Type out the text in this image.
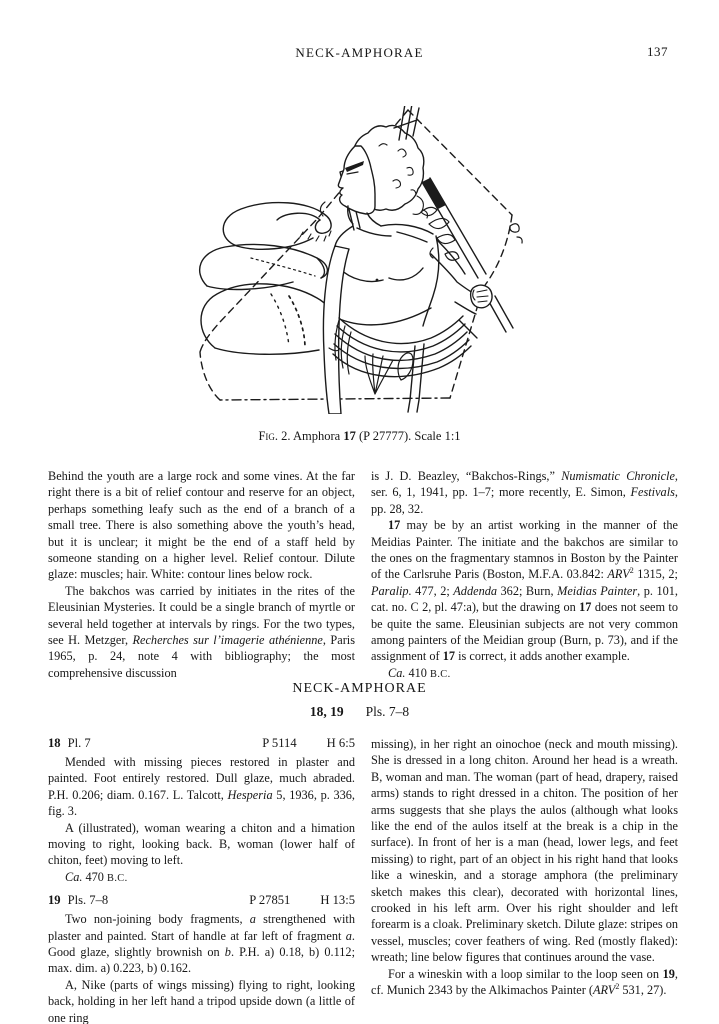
NECK-AMPHORAE	137
Fig. 2. Amphora 17 (P 27777). Scale 1:1

Behind the youth are a large rock and some vines. At the far right there is a bit of relief contour and reserve for an object, perhaps something leafy such as the end of a branch of a small tree. There is also something above the youth’s head, but it is unclear; it might be the end of a staff held by someone standing on a higher level. Relief contour. Dilute glaze: muscles; hair. White: contour lines below rock.

The bakchos was carried by initiates in the rites of the Eleusinian Mysteries. It could be a single branch of myrtle or several held together at intervals by rings. For the two types, see H. Metzger, Recherches sur l’imagerie athénienne, Paris 1965, p. 24, note 4 with bibliography; the most comprehensive discussion

is J. D. Beazley, “Bakchos-Rings,” Numismatic Chronicle, ser. 6, 1, 1941, pp. 1–7; more recently, E. Simon, Festivals, pp. 28, 32.

17 may be by an artist working in the manner of the Meidias Painter. The initiate and the bakchos are similar to the ones on the fragmentary stamnos in Boston by the Painter of the Carlsruhe Paris (Boston, M.F.A. 03.842: ARV$^2$ 1315, 2; Paralip. 477, 2; Addenda 362; Burn, Meidias Painter, p. 101, cat. no. C 2, pl. 47:a), but the drawing on 17 does not seem to be quite the same. Eleusinian subjects are not very common among painters of the Meidian group (Burn, p. 73), and if the assignment of 17 is correct, it adds another example.

Ca. 410 B.C.

NECK-AMPHORAE
18, 19 Pls. 7–8
18 Pl. 7	P 5114 H 6:5

Mended with missing pieces restored in plaster and painted. Foot entirely restored. Dull glaze, much abraded. P.H. 0.206; diam. 0.167. L. Talcott, Hesperia 5, 1936, p. 336, fig. 3.

A (illustrated), woman wearing a chiton and a himation moving to right, looking back. B, woman (lower half of chiton, feet) moving to left.

Ca. 470 B.C.

19 Pls. 7–8	P 27851 H 13:5

Two non-joining body fragments, a strengthened with plaster and painted. Start of handle at far left of fragment a. Good glaze, slightly brownish on b. P.H. a) 0.18, b) 0.112; max. dim. a) 0.223, b) 0.162.

A, Nike (parts of wings missing) flying to right, looking back, holding in her left hand a tripod upside down (a little of one ring

missing), in her right an oinochoe (neck and mouth missing). She is dressed in a long chiton. Around her head is a wreath. B, woman and man. The woman (part of head, drapery, raised arms) stands to right dressed in a chiton. The position of her arms suggests that she plays the aulos (although what looks like the end of the aulos itself at the break is a chip in the surface). In front of her is a man (head, lower legs, and feet missing) to right, part of an object in his right hand that looks like a wineskin, and a storage amphora (the preliminary sketch makes this clear), decorated with horizontal lines, crooked in his left arm. Over his right shoulder and left forearm is a cloak. Preliminary sketch. Dilute glaze: stripes on vessel, muscles; cover feathers of wing. Red (mostly flaked): wreath; line below figures that continues around the vase.

For a wineskin with a loop similar to the loop seen on 19, cf. Munich 2343 by the Alkimachos Painter (ARV$^2$ 531, 27).
